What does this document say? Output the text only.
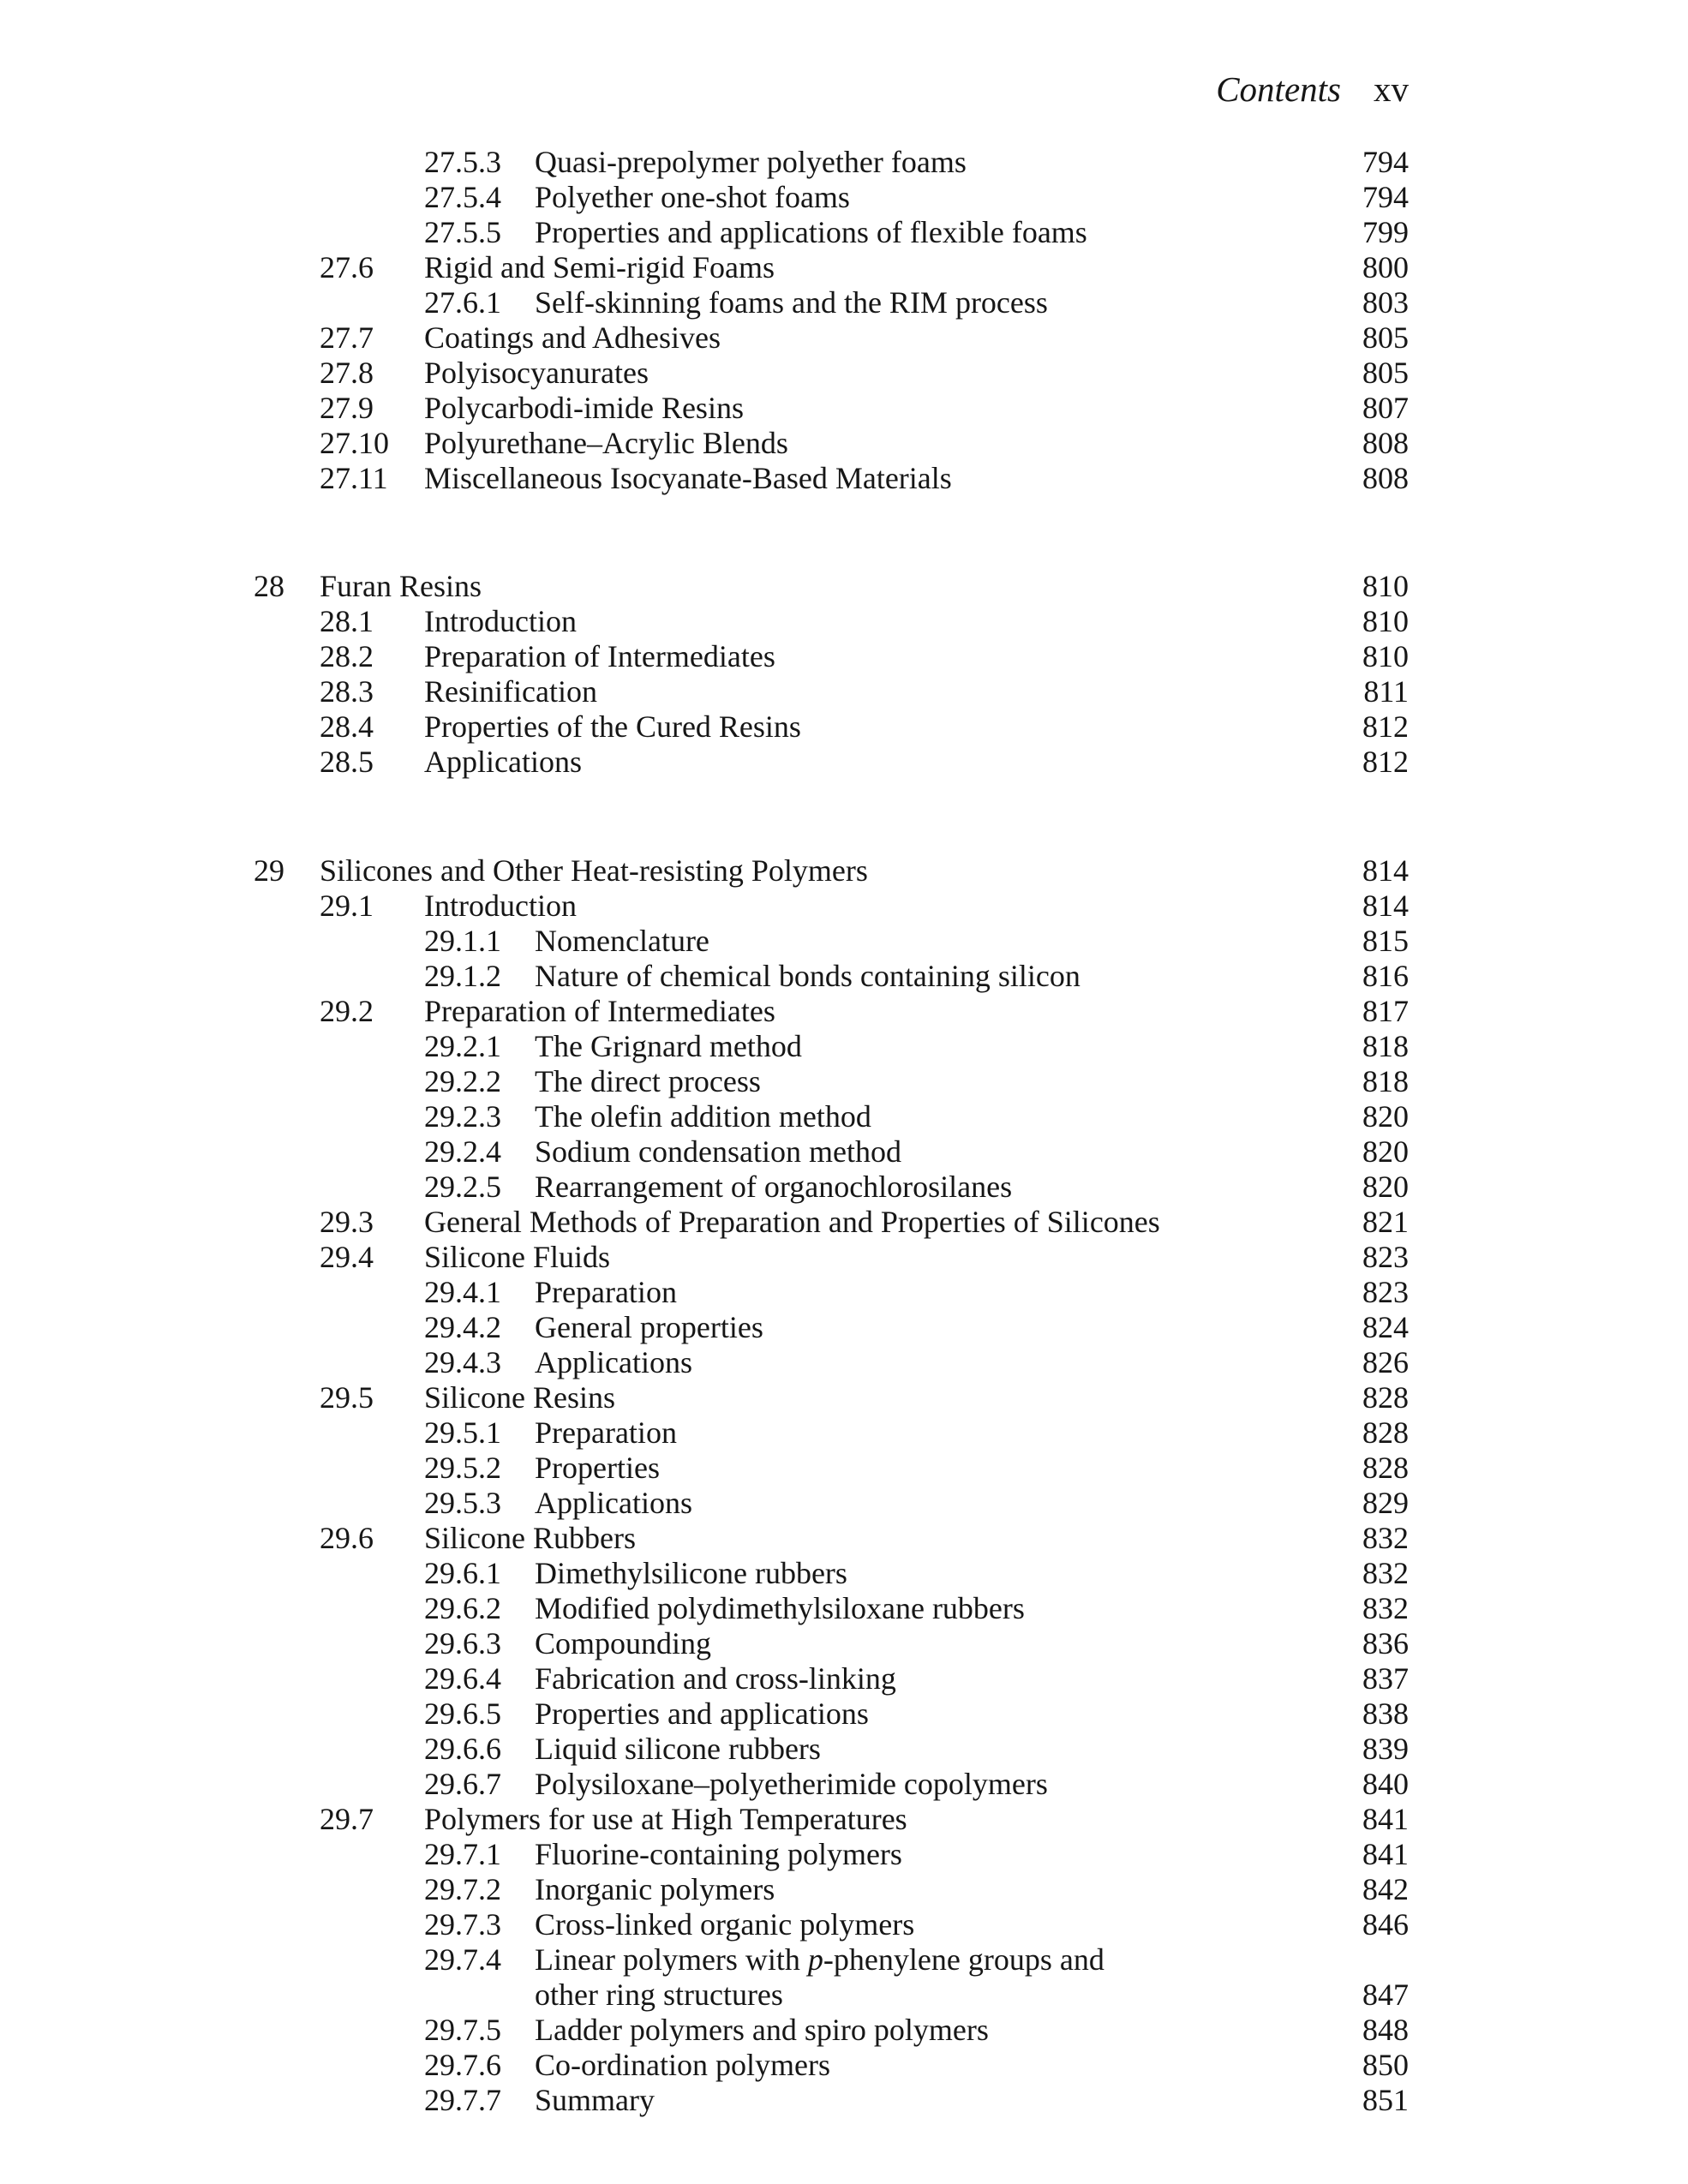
Contents xv
27.5.3 Quasi-prepolymer polyether foams	794
27.5.4 Polyether one-shot foams	794
27.5.5 Properties and applications of flexible foams	799
27.6 Rigid and Semi-rigid Foams	800
27.6.1 Self-skinning foams and the RIM process	803
27.7 Coatings and Adhesives	805
27.8 Polyisocyanurates	805
27.9 Polycarbodi-imide Resins	807
27.10 Polyurethane–Acrylic Blends	808
27.11 Miscellaneous Isocyanate-Based Materials	808
28 Furan Resins	810
28.1 Introduction	810
28.2 Preparation of Intermediates	810
28.3 Resinification	811
28.4 Properties of the Cured Resins	812
28.5 Applications	812
29 Silicones and Other Heat-resisting Polymers	814
29.1 Introduction	814
29.1.1 Nomenclature	815
29.1.2 Nature of chemical bonds containing silicon	816
29.2 Preparation of Intermediates	817
29.2.1 The Grignard method	818
29.2.2 The direct process	818
29.2.3 The olefin addition method	820
29.2.4 Sodium condensation method	820
29.2.5 Rearrangement of organochlorosilanes	820
29.3 General Methods of Preparation and Properties of Silicones	821
29.4 Silicone Fluids	823
29.4.1 Preparation	823
29.4.2 General properties	824
29.4.3 Applications	826
29.5 Silicone Resins	828
29.5.1 Preparation	828
29.5.2 Properties	828
29.5.3 Applications	829
29.6 Silicone Rubbers	832
29.6.1 Dimethylsilicone rubbers	832
29.6.2 Modified polydimethylsiloxane rubbers	832
29.6.3 Compounding	836
29.6.4 Fabrication and cross-linking	837
29.6.5 Properties and applications	838
29.6.6 Liquid silicone rubbers	839
29.6.7 Polysiloxane–polyetherimide copolymers	840
29.7 Polymers for use at High Temperatures	841
29.7.1 Fluorine-containing polymers	841
29.7.2 Inorganic polymers	842
29.7.3 Cross-linked organic polymers	846
29.7.4 Linear polymers with p-phenylene groups and
other ring structures	847
29.7.5 Ladder polymers and spiro polymers	848
29.7.6 Co-ordination polymers	850
29.7.7 Summary	851
